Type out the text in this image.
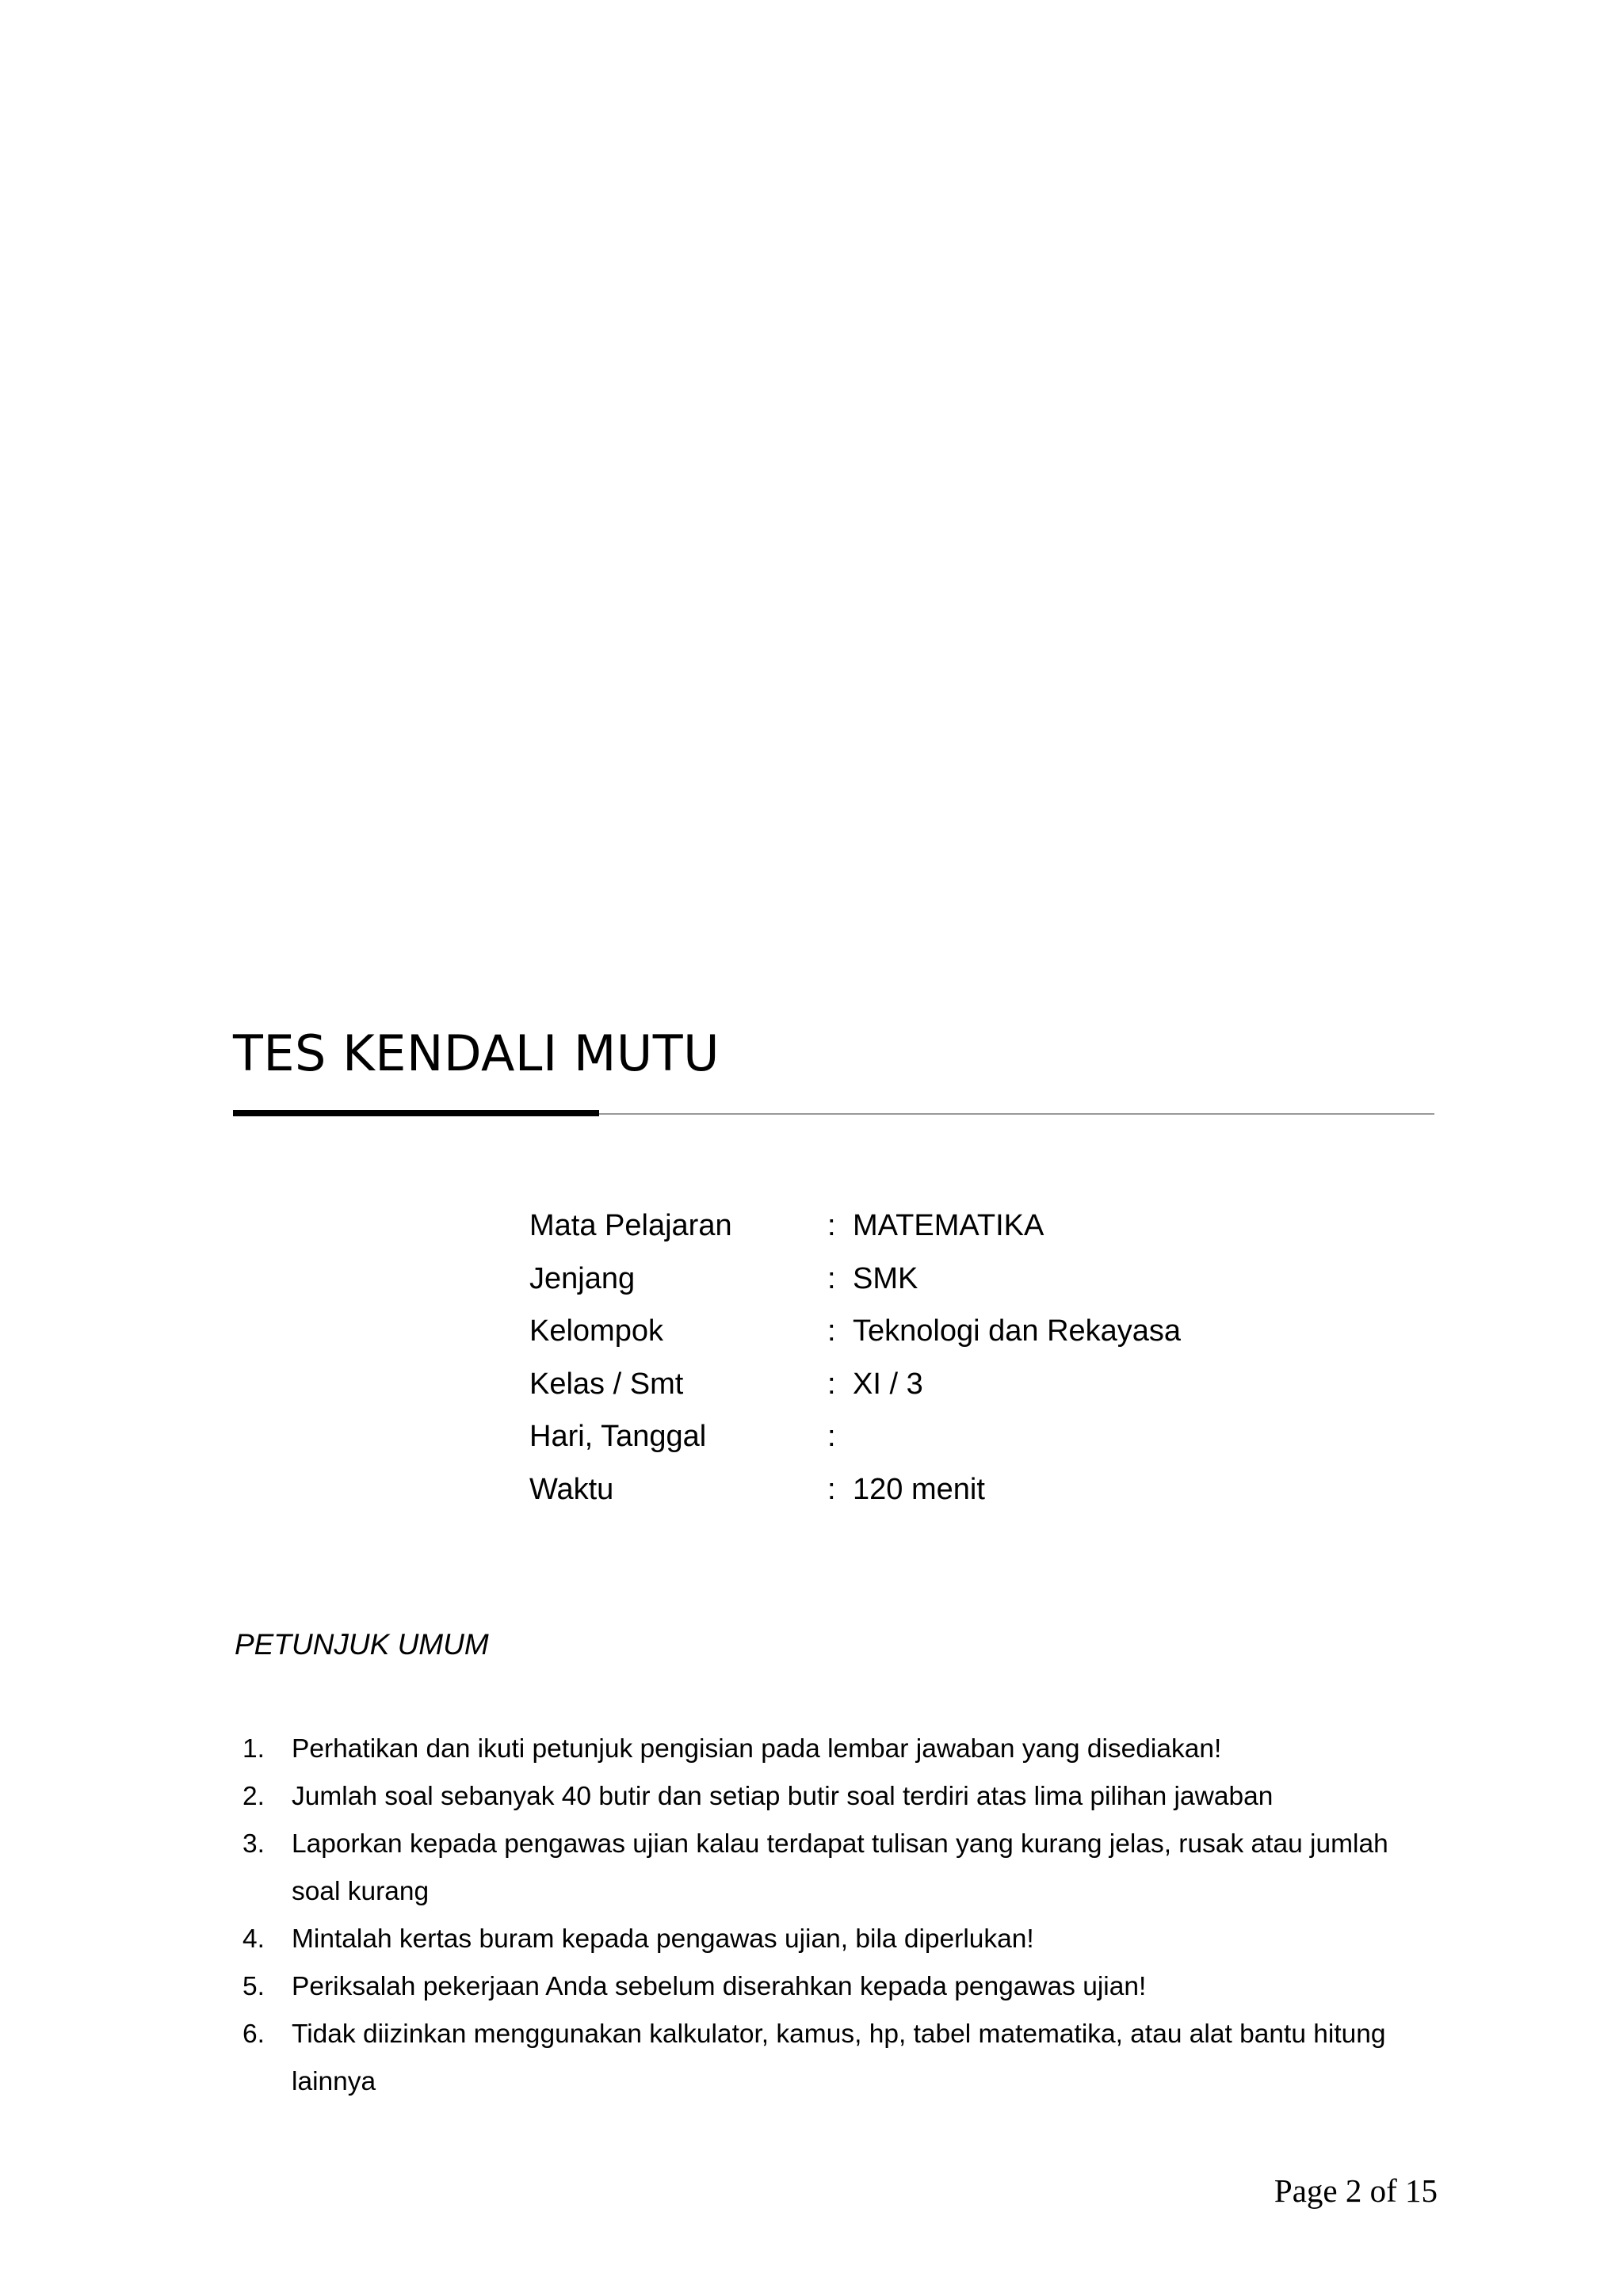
TES KENDALI MUTU
Mata Pelajaran	: MATEMATIKA
Jenjang	: SMK
Kelompok	: Teknologi dan Rekayasa
Kelas / Smt	: XI / 3
Hari, Tanggal	:
Waktu	: 120 menit
PETUNJUK UMUM
1.	Perhatikan dan ikuti petunjuk pengisian pada lembar jawaban yang disediakan!
2.	Jumlah soal sebanyak 40 butir dan setiap butir soal terdiri atas lima pilihan jawaban
3.	Laporkan kepada pengawas ujian kalau terdapat tulisan yang kurang jelas, rusak atau jumlah soal kurang
4.	Mintalah kertas buram kepada pengawas ujian, bila diperlukan!
5.	Periksalah pekerjaan Anda sebelum diserahkan kepada pengawas ujian!
6.	Tidak diizinkan menggunakan kalkulator, kamus, hp, tabel matematika, atau alat bantu hitung lainnya
Page 2 of 15
